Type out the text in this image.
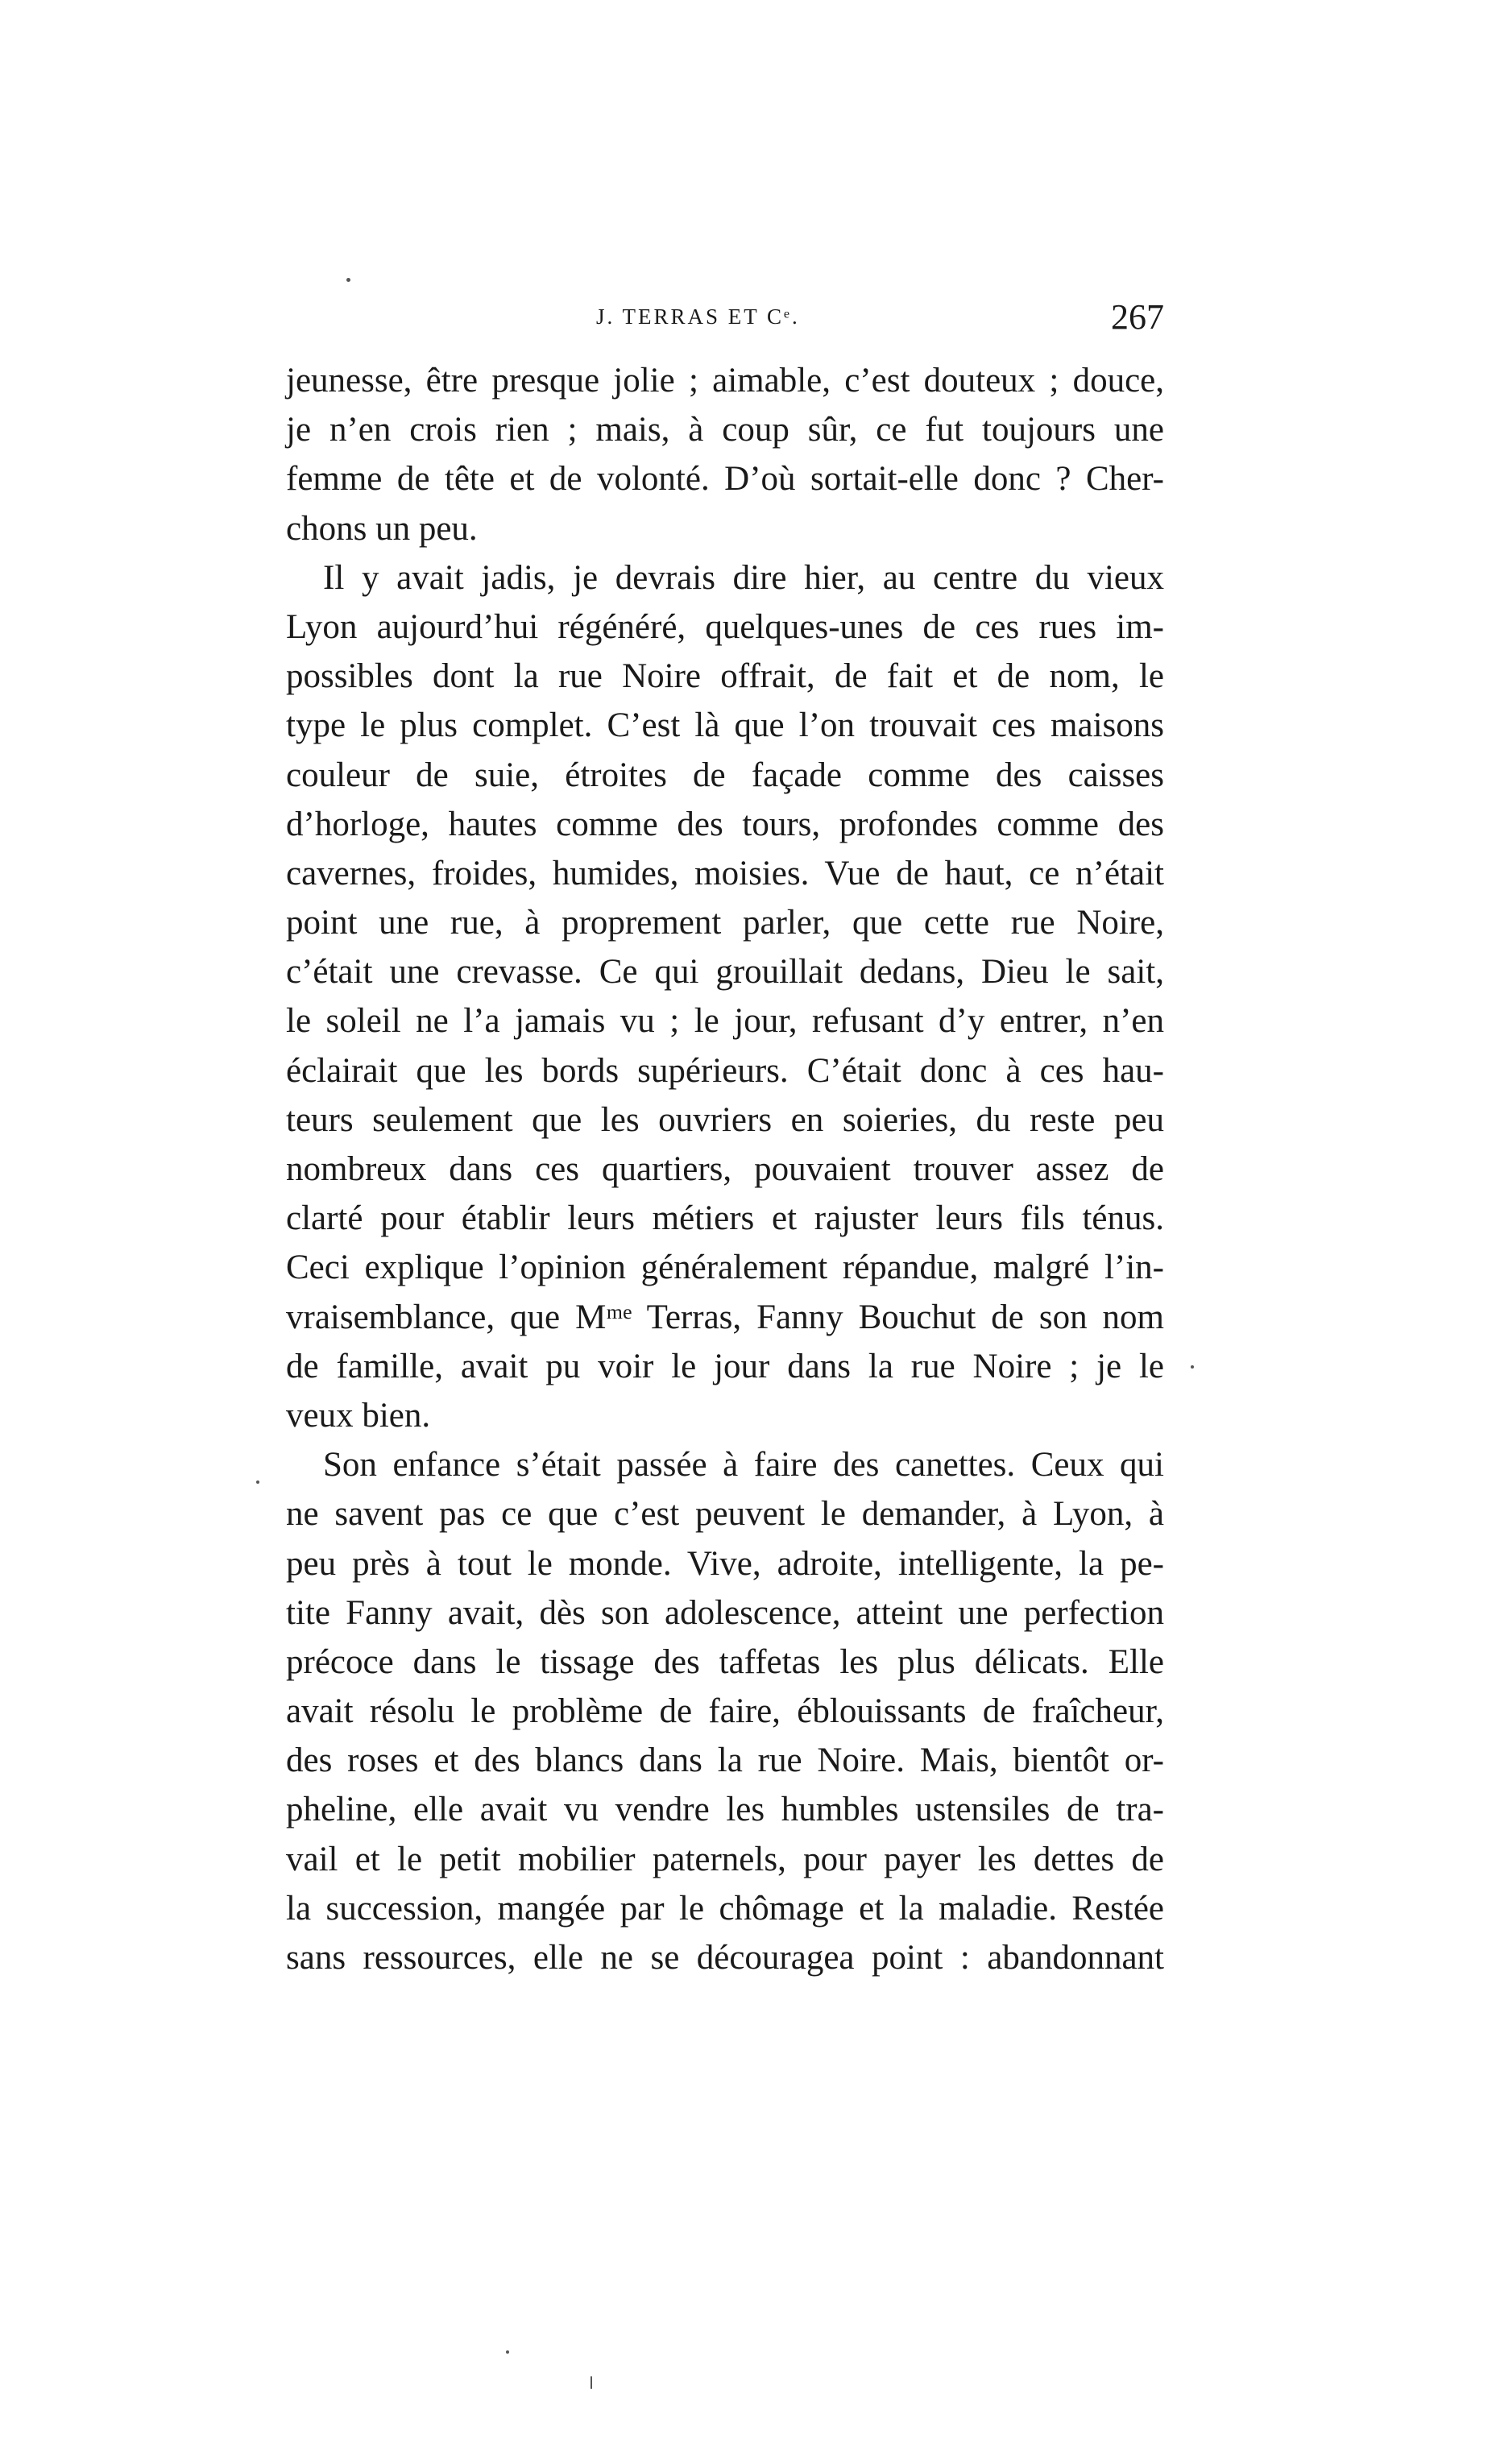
J. TERRAS ET Cᵉ.	267
jeunesse, être presque jolie ; aimable, c’est douteux ; douce,
je n’en crois rien ; mais, à coup sûr, ce fut toujours une
femme de tête et de volonté. D’où sortait-elle donc ? Cher-
chons un peu.
Il y avait jadis, je devrais dire hier, au centre du vieux
Lyon aujourd’hui régénéré, quelques-unes de ces rues im-
possibles dont la rue Noire offrait, de fait et de nom, le
type le plus complet. C’est là que l’on trouvait ces maisons
couleur de suie, étroites de façade comme des caisses
d’horloge, hautes comme des tours, profondes comme des
cavernes, froides, humides, moisies. Vue de haut, ce n’était
point une rue, à proprement parler, que cette rue Noire,
c’était une crevasse. Ce qui grouillait dedans, Dieu le sait,
le soleil ne l’a jamais vu ; le jour, refusant d’y entrer, n’en
éclairait que les bords supérieurs. C’était donc à ces hau-
teurs seulement que les ouvriers en soieries, du reste peu
nombreux dans ces quartiers, pouvaient trouver assez de
clarté pour établir leurs métiers et rajuster leurs fils ténus.
Ceci explique l’opinion généralement répandue, malgré l’in-
vraisemblance, que Mᵐᵉ Terras, Fanny Bouchut de son nom
de famille, avait pu voir le jour dans la rue Noire ; je le
veux bien.
Son enfance s’était passée à faire des canettes. Ceux qui
ne savent pas ce que c’est peuvent le demander, à Lyon, à
peu près à tout le monde. Vive, adroite, intelligente, la pe-
tite Fanny avait, dès son adolescence, atteint une perfection
précoce dans le tissage des taffetas les plus délicats. Elle
avait résolu le problème de faire, éblouissants de fraîcheur,
des roses et des blancs dans la rue Noire. Mais, bientôt or-
pheline, elle avait vu vendre les humbles ustensiles de tra-
vail et le petit mobilier paternels, pour payer les dettes de
la succession, mangée par le chômage et la maladie. Restée
sans ressources, elle ne se découragea point : abandonnant
